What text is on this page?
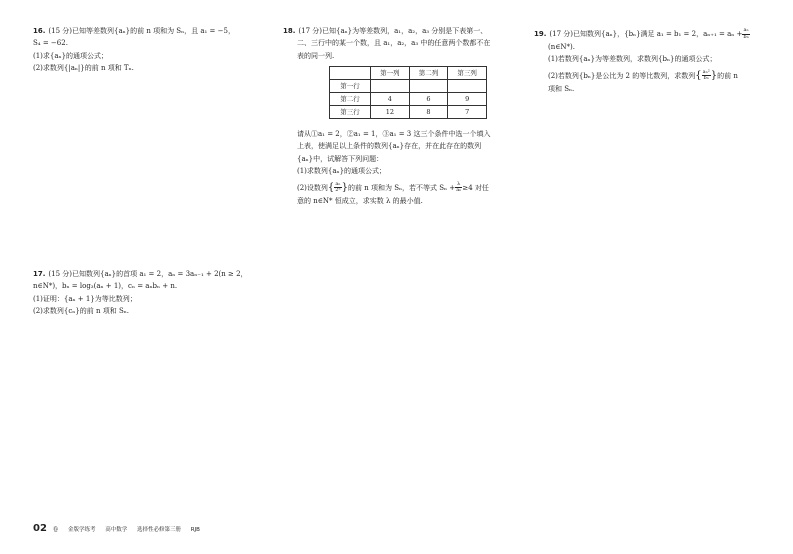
16. (15 分)已知等差数列{aₙ}的前 n 项和为 Sₙ，且 a₁ = −5，
S₄ = −62.
(1)求{aₙ}的通项公式；
(2)求数列{|aₙ|}的前 n 项和 Tₙ.
17. (15 分)已知数列{aₙ}的首项 a₁ = 2，aₙ = 3aₙ₋₁ + 2(n ≥ 2，
n∈N*)，bₙ = log₃(aₙ + 1)，cₙ = aₙbₙ + n.
(1)证明：{aₙ + 1}为等比数列；
(2)求数列{cₙ}的前 n 项和 Sₙ.
18. (17 分)已知{aₙ}为等差数列，a₁，a₂，a₃ 分别是下表第一、
二、三行中的某一个数，且 a₁，a₂，a₃ 中的任意两个数都不在
表的同一列.
	第一列	第二列	第三列
第一行			
第二行	4	6	9
第三行	12	8	7
请从①a₁ = 2，②a₁ = 1，③a₁ = 3 这三个条件中选一个填入
上表，使满足以上条件的数列{aₙ}存在，并在此存在的数列
{aₙ}中，试解答下列问题：
(1)求数列{aₙ}的通项公式；
(2)设数列{ $\frac{\text{aₙ}}{\text{2ⁿ}}$ }的前 n 项和为 Sₙ，若不等式 $S_n + \frac{\lambda}{\text{aₙ}} \ge 4$ 对任
意的 n∈N* 恒成立，求实数 λ 的最小值.
19. (17 分)已知数列{aₙ}，{bₙ}满足 a₁ = b₁ = 2，$a_{n+1} = a_n + \frac{\text{aₙ}}{\text{bₙ}}$
(n∈N*).
(1)若数列{aₙ}为等差数列，求数列{bₙ}的通项公式；
(2)若数列{bₙ}是公比为 2 的等比数列，求数列{ $\frac{\text{aₙ²}}{\text{bₙ}}$ }的前 n
项和 Sₙ.
02 卷 金版学练考 高中数学 选择性必修第三册 RJB
